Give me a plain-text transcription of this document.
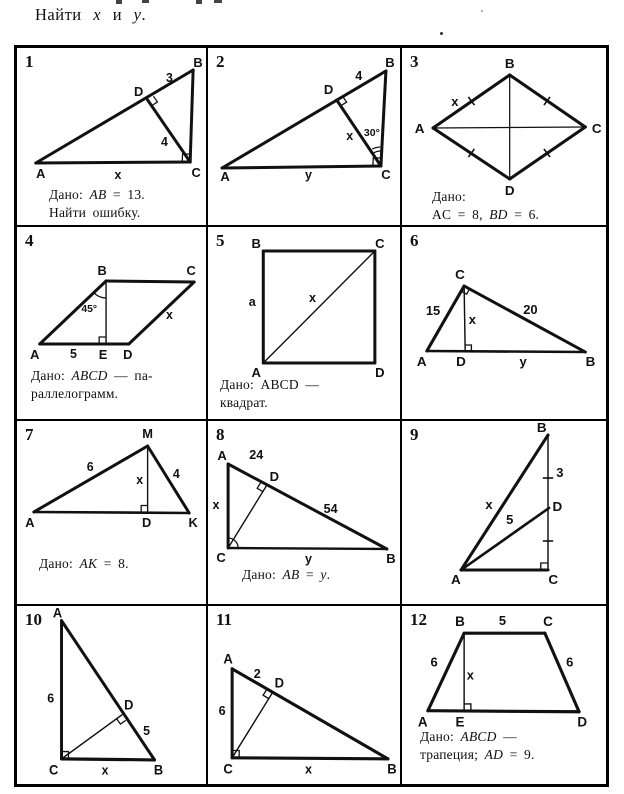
Найти x и y.
1	B
A	C
D
3
4
x
Дано: AB = 13.
Найти ошибку.
2	B
A	C
D
4
x 30°
y
3	B
A	C
D
x
Дано:
AC = 8, BD = 6.
4
B	C
A	E D
45°
5
x
Дано: ABCD — па-
раллелограмм.
5 B	C
A	D
a	x
Дано: ABCD —
квадрат.
6
C
A D	B
15	20
x
y
7	M
A	D	K
6
x 4
Дано: AK = 8.
8
A
D
C	B
24
54
x
y
Дано: AB = y.
9	B
D
C
A
3
x
5
10 A
D
C	B
6
5
x
11
A
D
C	B
2
6
x
12 B	5	C
6	6
x
A E	D
Дано: ABCD —
трапеция; AD = 9.
